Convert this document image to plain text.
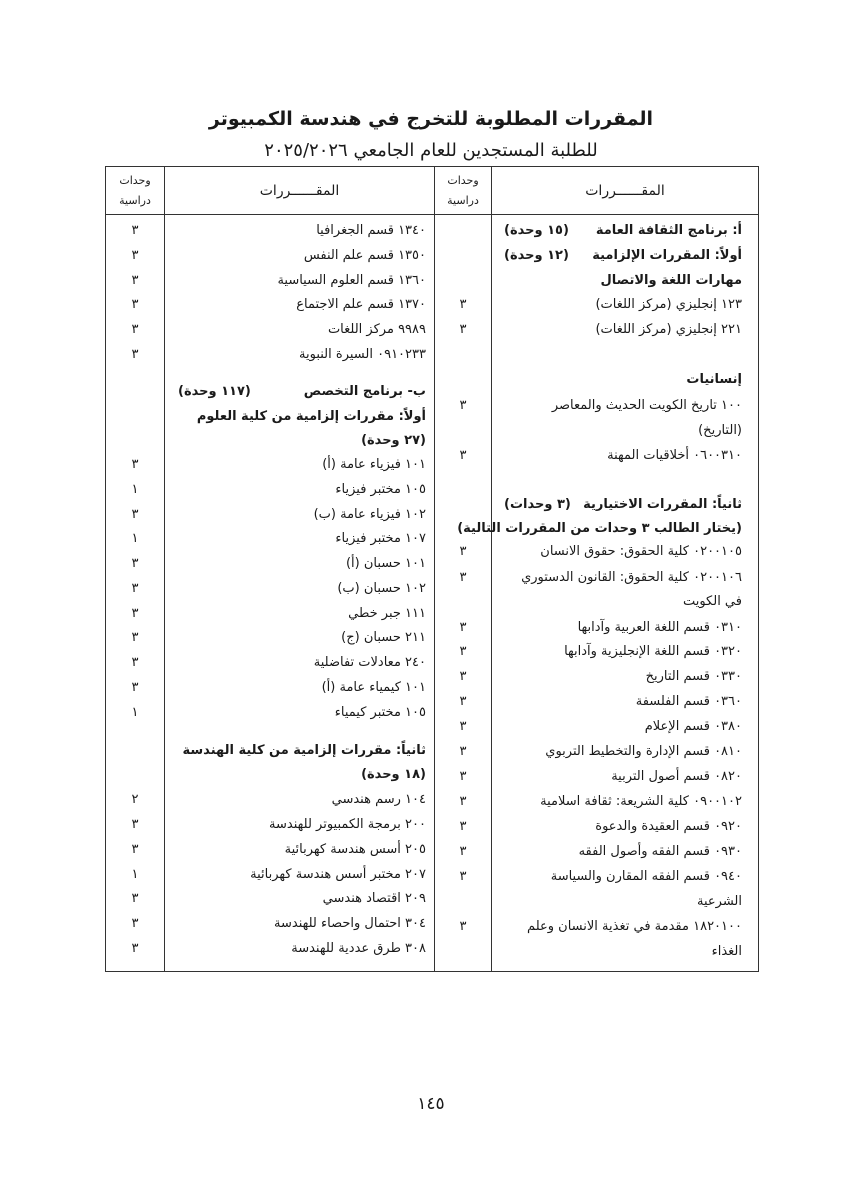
المقررات المطلوبة للتخرج في هندسة الكمبيوتر
للطلبة المستجدين للعام الجامعي ٢٠٢٥/٢٠٢٦
المقــــــررات
وحدات
دراسية
المقــــــررات
وحدات
دراسية
أ: برنامج الثقافة العامة
(١٥ وحدة)
أولاً: المقررات الإلزامية
(١٢ وحدة)
مهارات اللغة والاتصال
١٢٣ إنجليزي (مركز اللغات)
٣
٢٢١ إنجليزي (مركز اللغات)
٣
إنسانيات
١٠٠ تاريخ الكويت الحديث والمعاصر
٣
(التاريخ)
٠٦٠٠٣١٠ أخلاقيات المهنة
٣
ثانياً: المقررات الاختيارية
(٣ وحدات)
(يختار الطالب ٣ وحدات من المقررات التالية)
٠٢٠٠١٠٥ كلية الحقوق: حقوق الانسان
٣
٠٢٠٠١٠٦ كلية الحقوق: القانون الدستوري
٣
في الكويت
٠٣١٠ قسم اللغة العربية وآدابها
٣
٠٣٢٠ قسم اللغة الإنجليزية وآدابها
٣
٠٣٣٠ قسم التاريخ
٣
٠٣٦٠ قسم الفلسفة
٣
٠٣٨٠ قسم الإعلام
٣
٠٨١٠ قسم الإدارة والتخطيط التربوي
٣
٠٨٢٠ قسم أصول التربية
٣
٠٩٠٠١٠٢ كلية الشريعة: ثقافة اسلامية
٣
٠٩٢٠ قسم العقيدة والدعوة
٣
٠٩٣٠ قسم الفقه وأصول الفقه
٣
٠٩٤٠ قسم الفقه المقارن والسياسة
٣
الشرعية
١٨٢٠١٠٠ مقدمة في تغذية الانسان وعلم
٣
الغذاء
١٣٤٠ قسم الجغرافيا
٣
١٣٥٠ قسم علم النفس
٣
١٣٦٠ قسم العلوم السياسية
٣
١٣٧٠ قسم علم الاجتماع
٣
٩٩٨٩ مركز اللغات
٣
٠٩١٠٢٣٣ السيرة النبوية
٣
ب- برنامج التخصص
(١١٧ وحدة)
أولاً: مقررات إلزامية من كلية العلوم
(٢٧ وحدة)
١٠١ فيزياء عامة (أ)
٣
١٠٥ مختبر فيزياء
١
١٠٢ فيزياء عامة (ب)
٣
١٠٧ مختبر فيزياء
١
١٠١ حسبان (أ)
٣
١٠٢ حسبان (ب)
٣
١١١ جبر خطي
٣
٢١١ حسبان (ج)
٣
٢٤٠ معادلات تفاضلية
٣
١٠١ كيمياء عامة (أ)
٣
١٠٥ مختبر كيمياء
١
ثانياً: مقررات إلزامية من كلية الهندسة
(١٨ وحدة)
١٠٤ رسم هندسي
٢
٢٠٠ برمجة الكمبيوتر للهندسة
٣
٢٠٥ أسس هندسة كهربائية
٣
٢٠٧ مختبر أسس هندسة كهربائية
١
٢٠٩ اقتصاد هندسي
٣
٣٠٤ احتمال واحصاء للهندسة
٣
٣٠٨ طرق عددية للهندسة
٣
١٤٥
